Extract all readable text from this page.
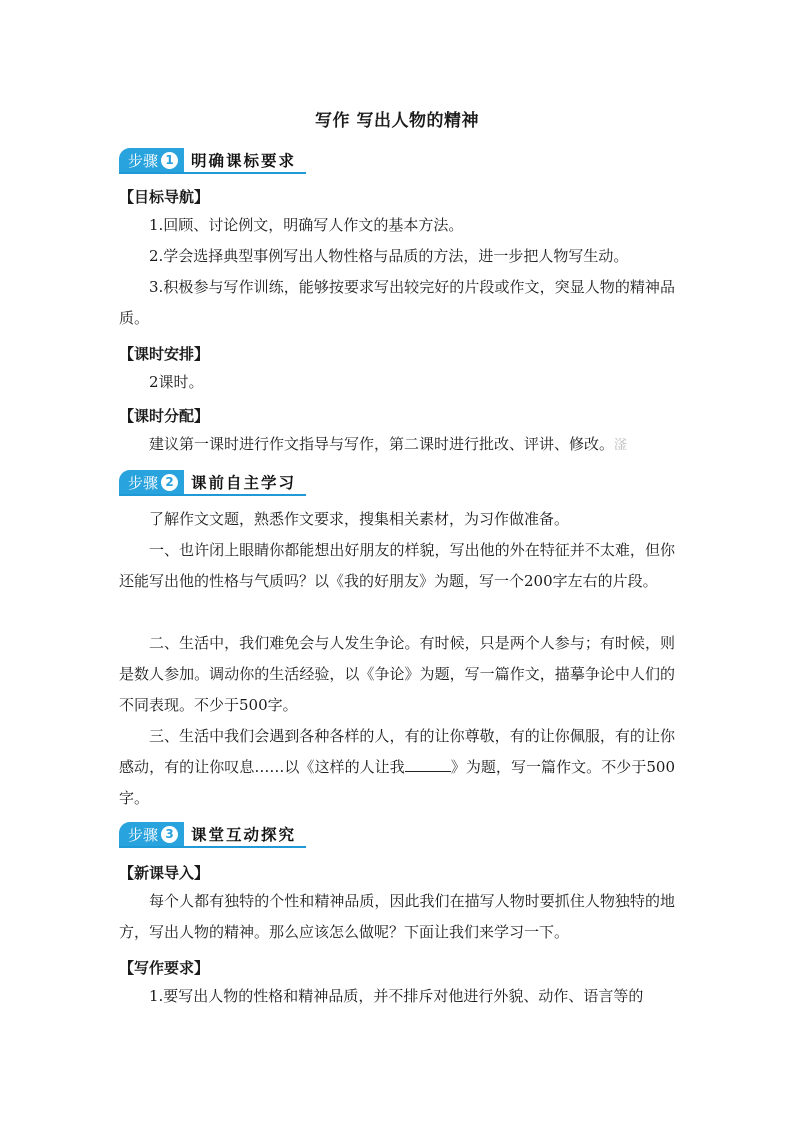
写作 写出人物的精神
步骤 1	明确课标要求
【目标导航】

1.回顾、讨论例文，明确写人作文的基本方法。

2.学会选择典型事例写出人物性格与品质的方法，进一步把人物写生动。

3.积极参与写作训练，能够按要求写出较完好的片段或作文，突显人物的精神品质。

【课时安排】

2课时。

【课时分配】

建议第一课时进行作文指导与写作，第二课时进行批改、评讲、修改。滏

步骤 2	课前自主学习

了解作文文题，熟悉作文要求，搜集相关素材，为习作做准备。

一、也许闭上眼睛你都能想出好朋友的样貌，写出他的外在特征并不太难，但你还能写出他的性格与气质吗？以《我的好朋友》为题，写一个200字左右的片段。

二、生活中，我们难免会与人发生争论。有时候，只是两个人参与；有时候，则是数人参加。调动你的生活经验，以《争论》为题，写一篇作文，描摹争论中人们的不同表现。不少于500字。

三、生活中我们会遇到各种各样的人，有的让你尊敬，有的让你佩服，有的让你感动，有的让你叹息……以《这样的人让我	》为题，写一篇作文。不少于500字。

步骤 3	课堂互动探究
【新课导入】

每个人都有独特的个性和精神品质，因此我们在描写人物时要抓住人物独特的地方，写出人物的精神。那么应该怎么做呢？下面让我们来学习一下。

【写作要求】

1.要写出人物的性格和精神品质，并不排斥对他进行外貌、动作、语言等的
